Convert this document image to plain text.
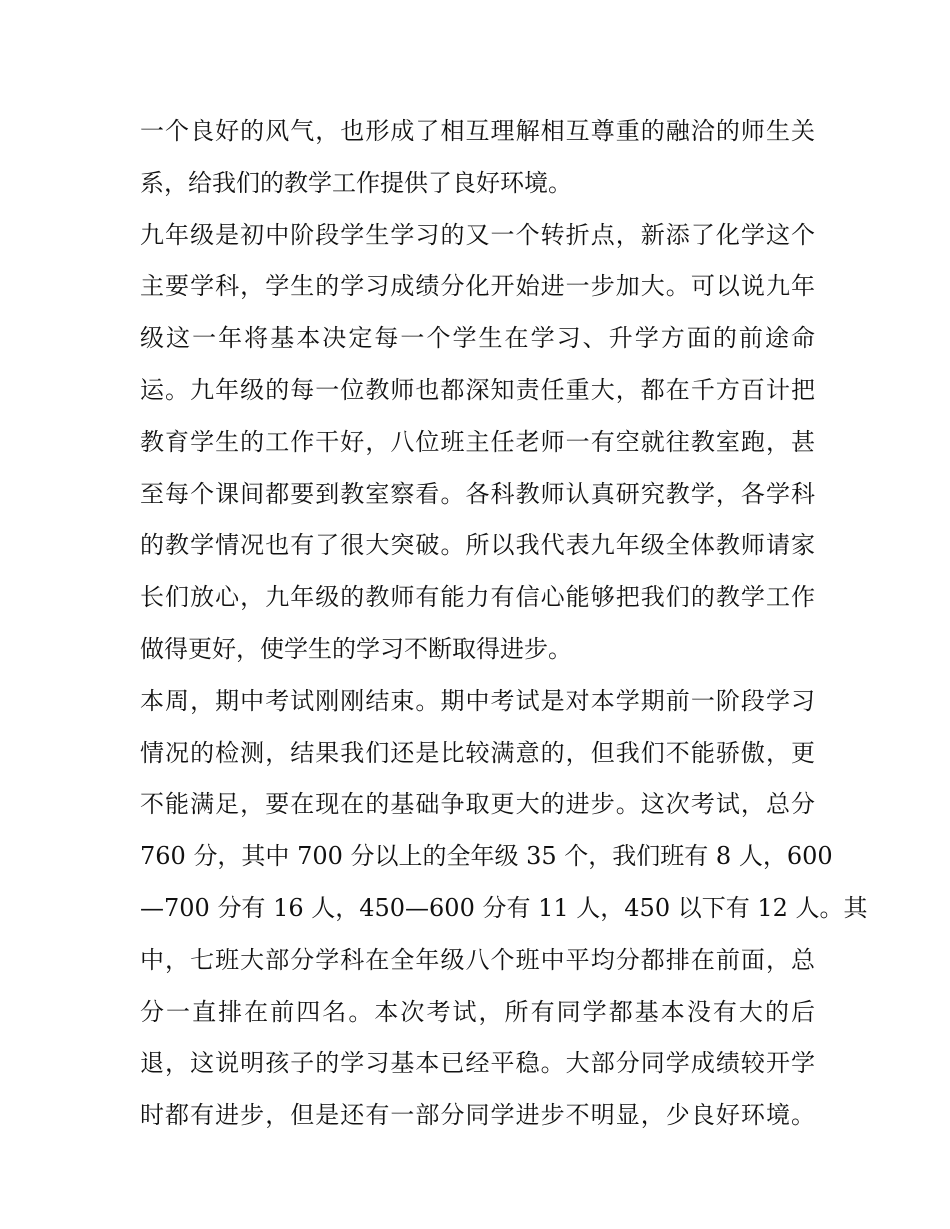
一个良好的风气，也形成了相互理解相互尊重的融洽的师生关
系，给我们的教学工作提供了良好环境。
九年级是初中阶段学生学习的又一个转折点，新添了化学这个
主要学科，学生的学习成绩分化开始进一步加大。可以说九年
级这一年将基本决定每一个学生在学习、升学方面的前途命
运。九年级的每一位教师也都深知责任重大，都在千方百计把
教育学生的工作干好，八位班主任老师一有空就往教室跑，甚
至每个课间都要到教室察看。各科教师认真研究教学，各学科
的教学情况也有了很大突破。所以我代表九年级全体教师请家
长们放心，九年级的教师有能力有信心能够把我们的教学工作
做得更好，使学生的学习不断取得进步。
本周，期中考试刚刚结束。期中考试是对本学期前一阶段学习
情况的检测，结果我们还是比较满意的，但我们不能骄傲，更
不能满足，要在现在的基础争取更大的进步。这次考试，总分
760 分，其中 700 分以上的全年级 35 个，我们班有 8 人，600
—700 分有 16 人，450—600 分有 11 人，450 以下有 12 人。其
中，七班大部分学科在全年级八个班中平均分都排在前面，总
分一直排在前四名。本次考试，所有同学都基本没有大的后
退，这说明孩子的学习基本已经平稳。大部分同学成绩较开学
时都有进步，但是还有一部分同学进步不明显，少良好环境。
